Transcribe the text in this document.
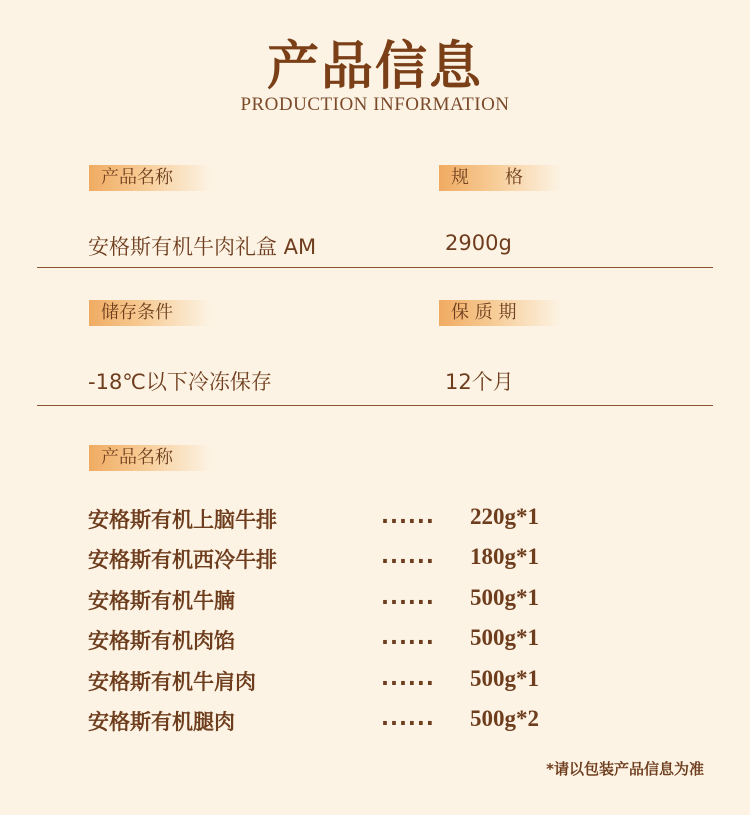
产品信息
PRODUCTION INFORMATION
产品名称	规　　格
安格斯有机牛肉礼盒 AM	2900g
储存条件	保 质 期
-18℃以下冷冻保存	12个月
产品名称
安格斯有机上脑牛排	...... 220g*1
安格斯有机西冷牛排	...... 180g*1
安格斯有机牛腩	...... 500g*1
安格斯有机肉馅	...... 500g*1
安格斯有机牛肩肉	...... 500g*1
安格斯有机腿肉	...... 500g*2
*请以包装产品信息为准
